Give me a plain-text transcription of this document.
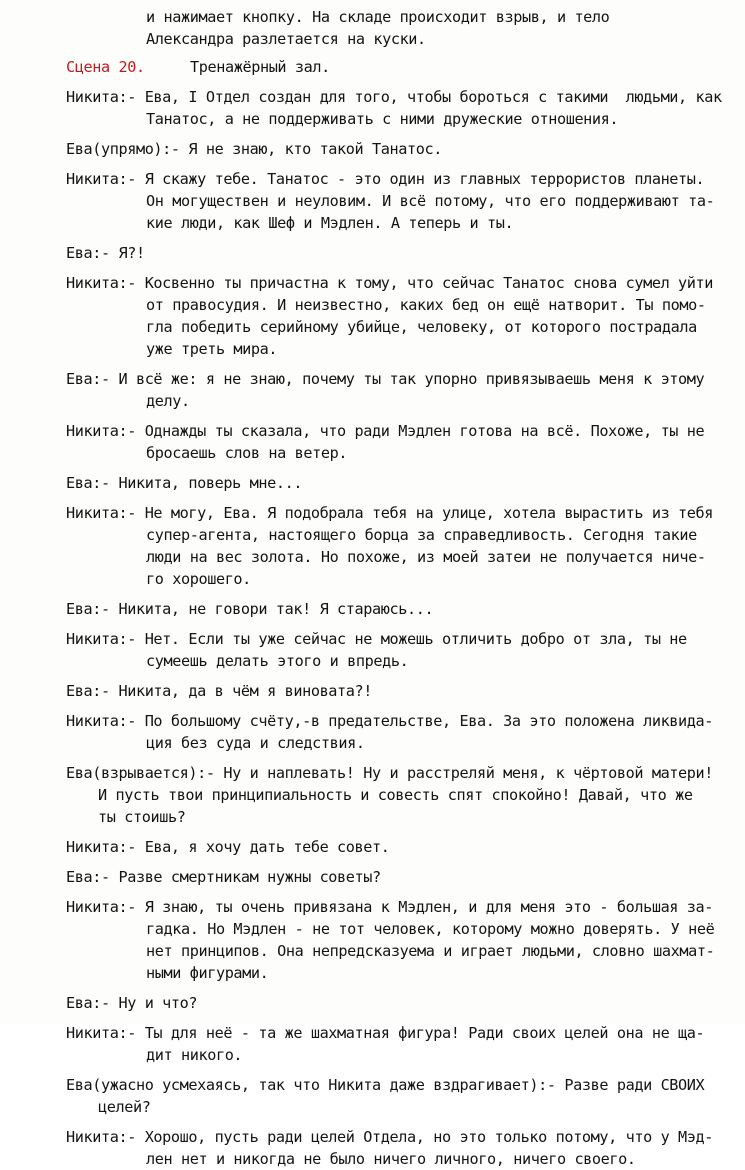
и нажимает кнопку. На складе происходит взрыв, и тело
Александра разлетается на куски.
Сцена 20.	Тренажёрный зал.
Никита:- Ева, I Отдел создан для того, чтобы бороться с такими  людьми, как
Танатос, а не поддерживать с ними дружеские отношения.
Ева(упрямо):- Я не знаю, кто такой Танатос.
Никита:- Я скажу тебе. Танатос - это один из главных террористов планеты.
Он могуществен и неуловим. И всё потому, что его поддерживают та-
кие люди, как Шеф и Мэдлен. А теперь и ты.
Ева:- Я?!
Никита:- Косвенно ты причастна к тому, что сейчас Танатос снова сумел уйти
от правосудия. И неизвестно, каких бед он ещё натворит. Ты помо-
гла победить серийному убийце, человеку, от которого пострадала
уже треть мира.
Ева:- И всё же: я не знаю, почему ты так упорно привязываешь меня к этому
делу.
Никита:- Однажды ты сказала, что ради Мэдлен готова на всё. Похоже, ты не
бросаешь слов на ветер.
Ева:- Никита, поверь мне...
Никита:- Не могу, Ева. Я подобрала тебя на улице, хотела вырастить из тебя
супер-агента, настоящего борца за справедливость. Сегодня такие
люди на вес золота. Но похоже, из моей затеи не получается ниче-
го хорошего.
Ева:- Никита, не говори так! Я стараюсь...
Никита:- Нет. Если ты уже сейчас не можешь отличить добро от зла, ты не
сумеешь делать этого и впредь.
Ева:- Никита, да в чём я виновата?!
Никита:- По большому счёту,-в предательстве, Ева. За это положена ликвида-
ция без суда и следствия.
Ева(взрывается):- Ну и наплевать! Ну и расстреляй меня, к чёртовой матери!
И пусть твои принципиальность и совесть спят спокойно! Давай, что же
ты стоишь?
Никита:- Ева, я хочу дать тебе совет.
Ева:- Разве смертникам нужны советы?
Никита:- Я знаю, ты очень привязана к Мэдлен, и для меня это - большая за-
гадка. Но Мэдлен - не тот человек, которому можно доверять. У неё
нет принципов. Она непредсказуема и играет людьми, словно шахмат-
ными фигурами.
Ева:- Ну и что?
Никита:- Ты для неё - та же шахматная фигура! Ради своих целей она не ща-
дит никого.
Ева(ужасно усмехаясь, так что Никита даже вздрагивает):- Разве ради СВОИХ
целей?
Никита:- Хорошо, пусть ради целей Отдела, но это только потому, что у Мэд-
лен нет и никогда не было ничего личного, ничего своего.
